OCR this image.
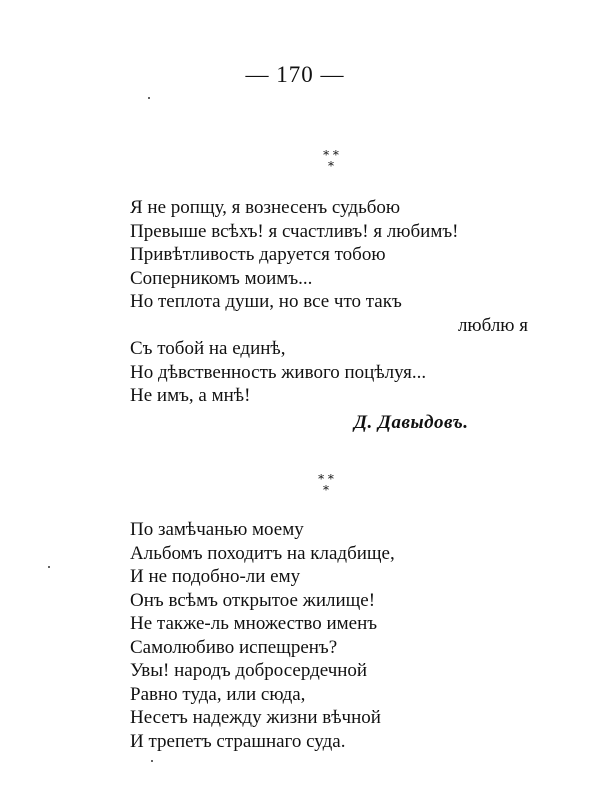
— 170 —
* *
*
Я не ропщу, я вознесенъ судьбою
Превыше всѣхъ! я счастливъ! я любимъ!
Привѣтливость даруется тобою
Соперникомъ моимъ...
Но теплота души, но все что такъ
люблю я
Съ тобой на единѣ,
Но дѣвственность живого поцѣлуя...
Не имъ, а мнѣ!
Д. Давыдовъ.
* *
*
По замѣчанью моему
Альбомъ походитъ на кладбище,
И не подобно-ли ему
Онъ всѣмъ открытое жилище!
Не также-ль множество именъ
Самолюбиво испещренъ?
Увы! народъ добросердечной
Равно туда, или сюда,
Несетъ надежду жизни вѣчной
И трепетъ страшнаго суда.
